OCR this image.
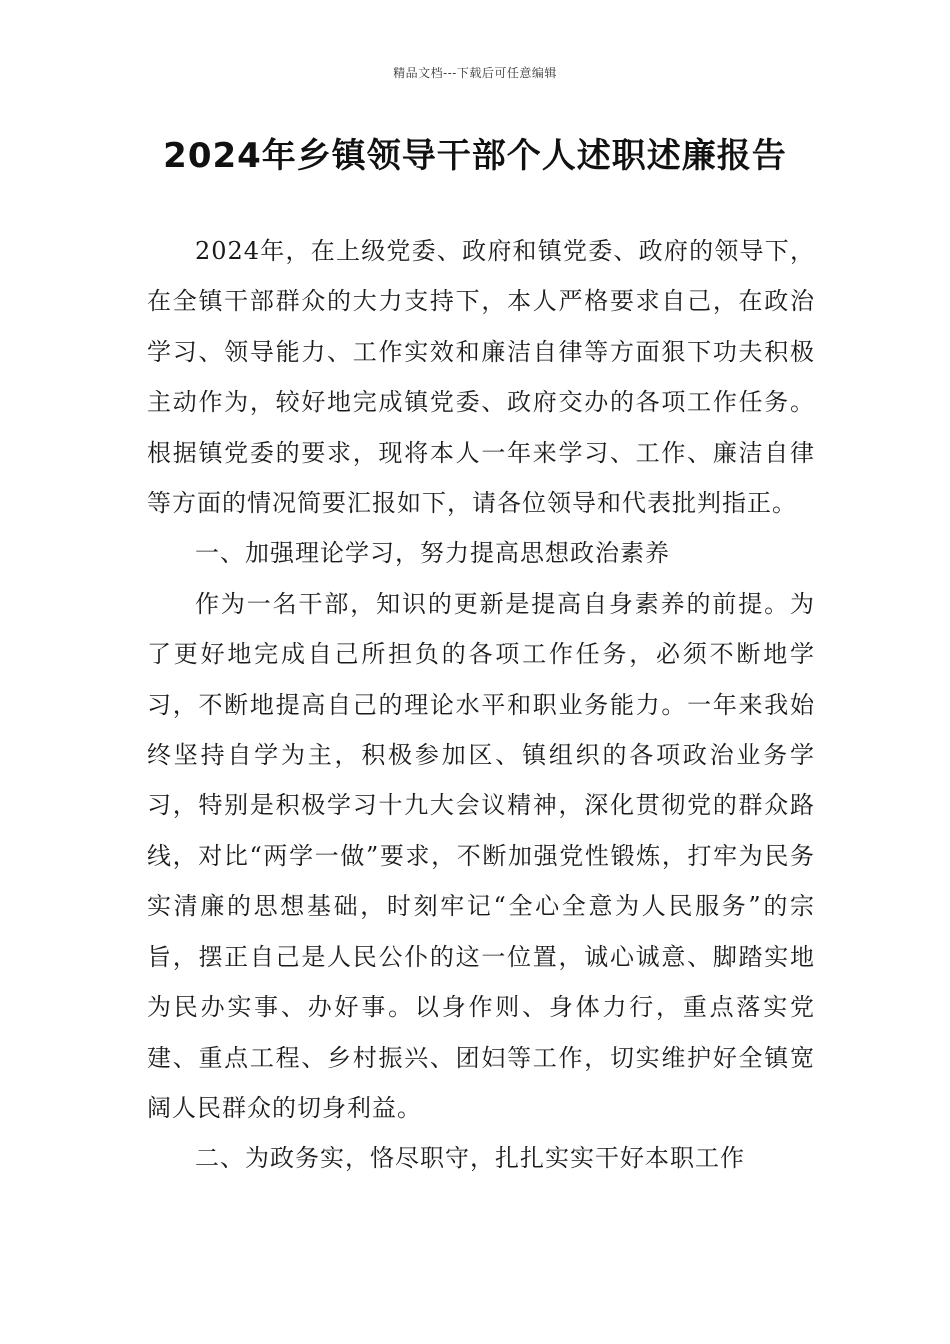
精品文档---下载后可任意编辑
2024年乡镇领导干部个人述职述廉报告

2024年，在上级党委、政府和镇党委、政府的领导下，在全镇干部群众的大力支持下，本人严格要求自己，在政治学习、领导能力、工作实效和廉洁自律等方面狠下功夫积极主动作为，较好地完成镇党委、政府交办的各项工作任务。根据镇党委的要求，现将本人一年来学习、工作、廉洁自律等方面的情况简要汇报如下，请各位领导和代表批判指正。

一、加强理论学习，努力提高思想政治素养

作为一名干部，知识的更新是提高自身素养的前提。为了更好地完成自己所担负的各项工作任务，必须不断地学习，不断地提高自己的理论水平和职业务能力。一年来我始终坚持自学为主，积极参加区、镇组织的各项政治业务学习，特别是积极学习十九大会议精神，深化贯彻党的群众路线，对比“两学一做”要求，不断加强党性锻炼，打牢为民务实清廉的思想基础，时刻牢记“全心全意为人民服务”的宗旨，摆正自己是人民公仆的这一位置，诚心诚意、脚踏实地为民办实事、办好事。以身作则、身体力行，重点落实党建、重点工程、乡村振兴、团妇等工作，切实维护好全镇宽阔人民群众的切身利益。

二、为政务实，恪尽职守，扎扎实实干好本职工作
